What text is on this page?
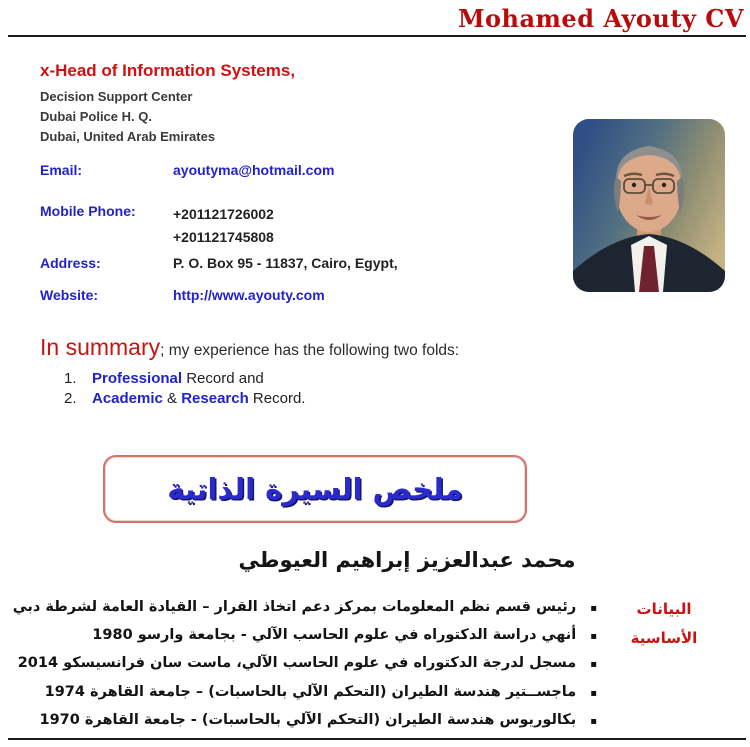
Mohamed Ayouty CV
x-Head of Information Systems,
Decision Support Center
Dubai Police H. Q.
Dubai, United Arab Emirates
Email:	ayoutyma@hotmail.com
Mobile Phone:	+201121726002
+201121745808
Address:	P. O. Box 95 - 11837, Cairo, Egypt,
Website:	http://www.ayouty.com
In summary; my experience has the following two folds:
1. Professional Record and
2. Academic & Research Record.
ملخص السيرة الذاتية
محمد عبدالعزيز إبراهيم العيوطي
البيانات
الأساسية
▪
رئيس قسم نظم المعلومات بمركز دعم اتخاذ القرار – القيادة العامة لشرطة دبي
▪
أنهي دراسة الدكتوراه في علوم الحاسب الآلي - بجامعة وارسو 1980
▪
مسجل لدرجة الدكتوراه في علوم الحاسب الآلي، ماست سان فرانسيسكو 2014
▪
ماجســتير هندسة الطيران (التحكم الآلي بالحاسبات) – جامعة القاهرة 1974
▪
بكالوريوس هندسة الطيران (التحكم الآلي بالحاسبات) - جامعة القاهرة 1970
